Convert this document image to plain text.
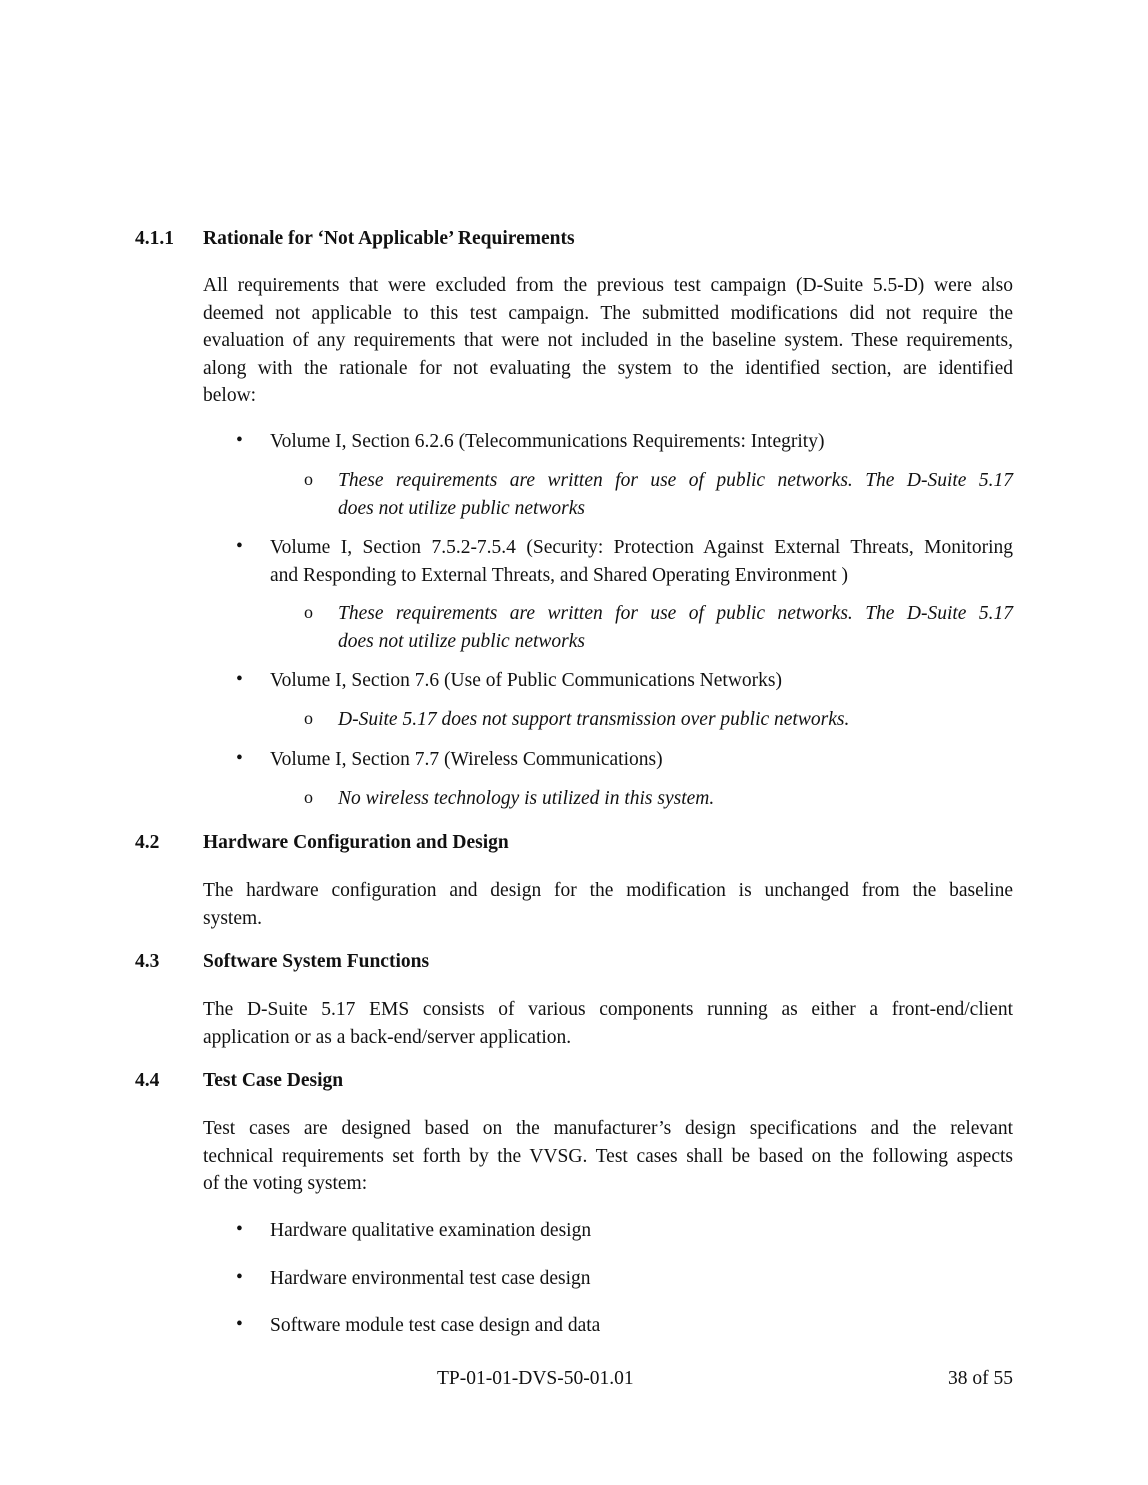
4.1.1 Rationale for ‘Not Applicable’ Requirements
All requirements that were excluded from the previous test campaign (D-Suite 5.5-D) were also
deemed not applicable to this test campaign. The submitted modifications did not require the
evaluation of any requirements that were not included in the baseline system. These requirements,
along with the rationale for not evaluating the system to the identified section, are identified
below:
• Volume I, Section 6.2.6 (Telecommunications Requirements: Integrity)
o These requirements are written for use of public networks. The D-Suite 5.17
does not utilize public networks
• Volume I, Section 7.5.2-7.5.4 (Security: Protection Against External Threats, Monitoring
and Responding to External Threats, and Shared Operating Environment )
o These requirements are written for use of public networks. The D-Suite 5.17
does not utilize public networks
• Volume I, Section 7.6 (Use of Public Communications Networks)
o D-Suite 5.17 does not support transmission over public networks.
• Volume I, Section 7.7 (Wireless Communications)
o No wireless technology is utilized in this system.
4.2 Hardware Configuration and Design
The hardware configuration and design for the modification is unchanged from the baseline
system.
4.3 Software System Functions
The D-Suite 5.17 EMS consists of various components running as either a front-end/client
application or as a back-end/server application.
4.4 Test Case Design
Test cases are designed based on the manufacturer’s design specifications and the relevant
technical requirements set forth by the VVSG. Test cases shall be based on the following aspects
of the voting system:
• Hardware qualitative examination design
• Hardware environmental test case design
• Software module test case design and data
TP-01-01-DVS-50-01.01	38 of 55
